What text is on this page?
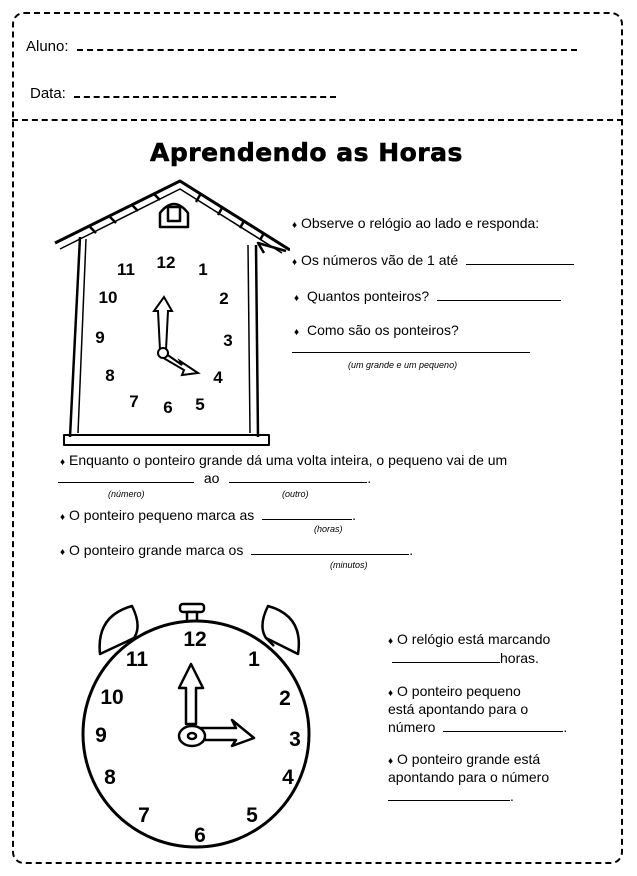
Aluno:
Data:
Aprendendo as Horas
12 1
2
3
4
5
6
7
8
9
10
11
♦ Observe o relógio ao lado e responda:
♦ Os números vão de 1 até
♦ Quantos ponteiros?
♦ Como são os ponteiros?
(um grande e um pequeno)
♦ Enquanto o ponteiro grande dá uma volta inteira, o pequeno vai de um
ao	.
(número)	(outro)
♦ O ponteiro pequeno marca as	.
(horas)
♦ O ponteiro grande marca os	.
(minutos)
12
1
2
3
4
5
6
7
8
9
10
11
♦ O relógio está marcando
horas.
♦ O ponteiro pequeno
está apontando para o
número	.
♦ O ponteiro grande está
apontando para o número
.
